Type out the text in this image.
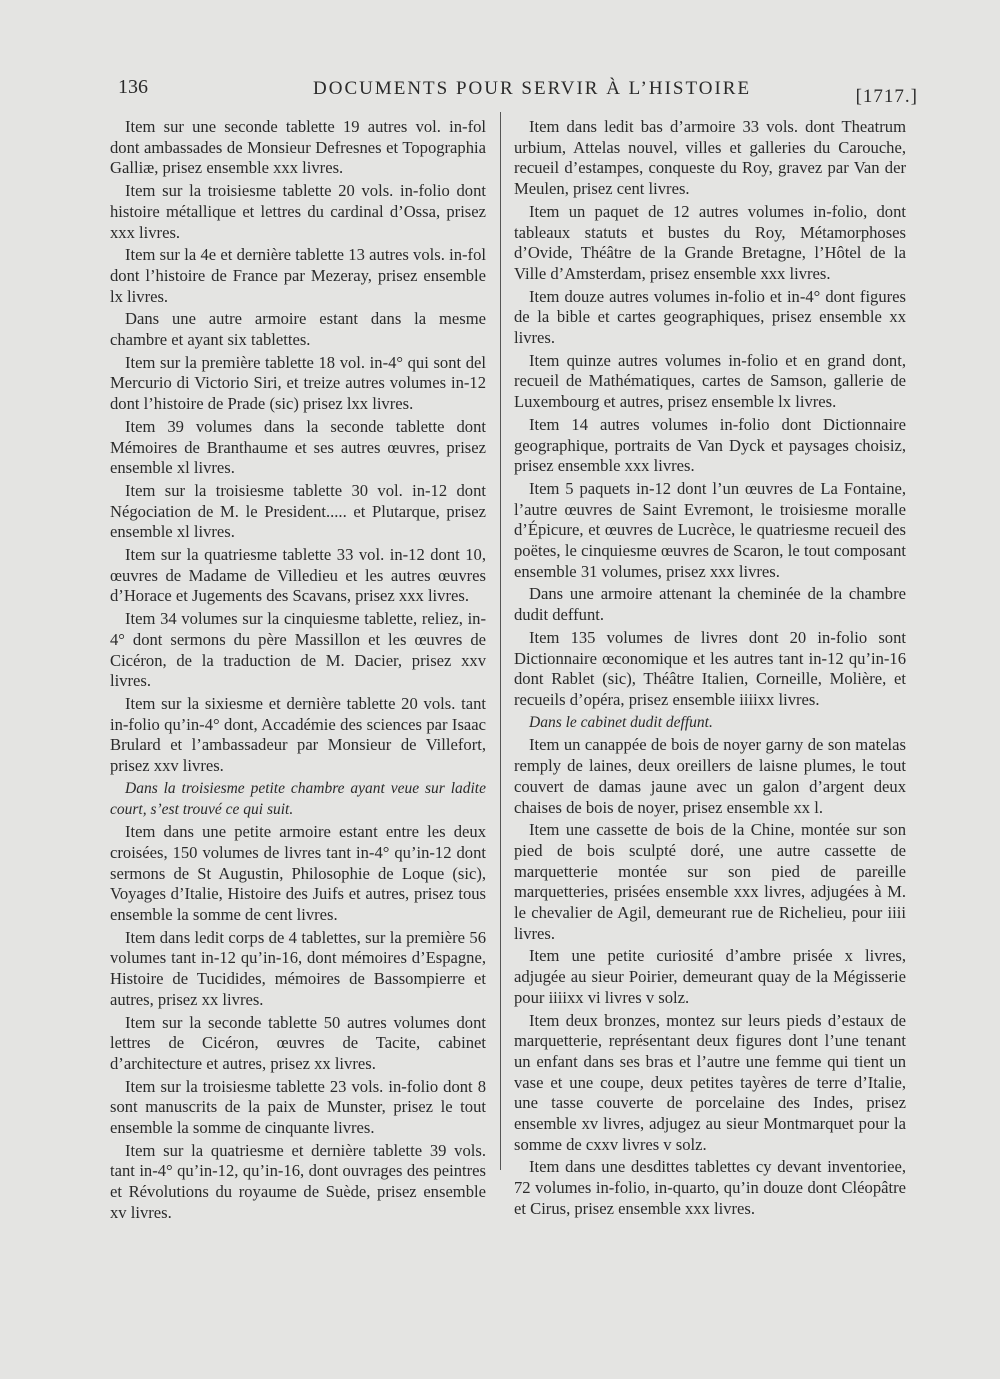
136	DOCUMENTS POUR SERVIR À L’HISTOIRE	[1717.]

Item sur une seconde tablette 19 autres vol. in-fol dont ambassades de Monsieur Defresnes et Topographia Galliæ, prisez ensemble xxx livres.

Item sur la troisiesme tablette 20 vols. in-folio dont histoire métallique et lettres du cardinal d’Ossa, prisez xxx livres.

Item sur la 4e et dernière tablette 13 autres vols. in-fol dont l’histoire de France par Mezeray, prisez ensemble lx livres.

Dans une autre armoire estant dans la mesme chambre et ayant six tablettes.

Item sur la première tablette 18 vol. in-4° qui sont del Mercurio di Victorio Siri, et treize autres volumes in-12 dont l’histoire de Prade (sic) prisez lxx livres.

Item 39 volumes dans la seconde tablette dont Mémoires de Branthaume et ses autres œuvres, prisez ensemble xl livres.

Item sur la troisiesme tablette 30 vol. in-12 dont Négociation de M. le President..... et Plutarque, prisez ensemble xl livres.

Item sur la quatriesme tablette 33 vol. in-12 dont 10, œuvres de Madame de Villedieu et les autres œuvres d’Horace et Jugements des Scavans, prisez xxx livres.

Item 34 volumes sur la cinquiesme tablette, reliez, in-4° dont sermons du père Massillon et les œuvres de Cicéron, de la traduction de M. Dacier, prisez xxv livres.

Item sur la sixiesme et dernière tablette 20 vols. tant in-folio qu’in-4° dont, Accadémie des sciences par Isaac Brulard et l’ambassadeur par Monsieur de Villefort, prisez xxv livres.

Dans la troisiesme petite chambre ayant veue sur ladite court, s’est trouvé ce qui suit.

Item dans une petite armoire estant entre les deux croisées, 150 volumes de livres tant in-4° qu’in-12 dont sermons de St Augustin, Philosophie de Loque (sic), Voyages d’Italie, Histoire des Juifs et autres, prisez tous ensemble la somme de cent livres.

Item dans ledit corps de 4 tablettes, sur la première 56 volumes tant in-12 qu’in-16, dont mémoires d’Espagne, Histoire de Tucidides, mémoires de Bassompierre et autres, prisez xx livres.

Item sur la seconde tablette 50 autres volumes dont lettres de Cicéron, œuvres de Tacite, cabinet d’architecture et autres, prisez xx livres.

Item sur la troisiesme tablette 23 vols. in-folio dont 8 sont manuscrits de la paix de Munster, prisez le tout ensemble la somme de cinquante livres.

Item sur la quatriesme et dernière tablette 39 vols. tant in-4° qu’in-12, qu’in-16, dont ouvrages des peintres et Révolutions du royaume de Suède, prisez ensemble xv livres.

Item dans ledit bas d’armoire 33 vols. dont Theatrum urbium, Attelas nouvel, villes et galleries du Carouche, recueil d’estampes, conqueste du Roy, gravez par Van der Meulen, prisez cent livres.

Item un paquet de 12 autres volumes in-folio, dont tableaux statuts et bustes du Roy, Métamorphoses d’Ovide, Théâtre de la Grande Bretagne, l’Hôtel de la Ville d’Amsterdam, prisez ensemble xxx livres.

Item douze autres volumes in-folio et in-4° dont figures de la bible et cartes geographiques, prisez ensemble xx livres.

Item quinze autres volumes in-folio et en grand dont, recueil de Mathématiques, cartes de Samson, gallerie de Luxembourg et autres, prisez ensemble lx livres.

Item 14 autres volumes in-folio dont Dictionnaire geographique, portraits de Van Dyck et paysages choisiz, prisez ensemble xxx livres.

Item 5 paquets in-12 dont l’un œuvres de La Fontaine, l’autre œuvres de Saint Evremont, le troisiesme moralle d’Épicure, et œuvres de Lucrèce, le quatriesme recueil des poëtes, le cinquiesme œuvres de Scaron, le tout composant ensemble 31 volumes, prisez xxx livres.

Dans une armoire attenant la cheminée de la chambre dudit deffunt.

Item 135 volumes de livres dont 20 in-folio sont Dictionnaire œconomique et les autres tant in-12 qu’in-16 dont Rablet (sic), Théâtre Italien, Corneille, Molière, et recueils d’opéra, prisez ensemble iiiixx livres.

Dans le cabinet dudit deffunt.

Item un canappée de bois de noyer garny de son matelas remply de laines, deux oreillers de laisne plumes, le tout couvert de damas jaune avec un galon d’argent deux chaises de bois de noyer, prisez ensemble xx l.

Item une cassette de bois de la Chine, montée sur son pied de bois sculpté doré, une autre cassette de marquetterie montée sur son pied de pareille marquetteries, prisées ensemble xxx livres, adjugées à M. le chevalier de Agil, demeurant rue de Richelieu, pour iiii livres.

Item une petite curiosité d’ambre prisée x livres, adjugée au sieur Poirier, demeurant quay de la Mégisserie pour iiiixx vi livres v solz.

Item deux bronzes, montez sur leurs pieds d’estaux de marquetterie, représentant deux figures dont l’une tenant un enfant dans ses bras et l’autre une femme qui tient un vase et une coupe, deux petites tayères de terre d’Italie, une tasse couverte de porcelaine des Indes, prisez ensemble xv livres, adjugez au sieur Montmarquet pour la somme de cxxv livres v solz.

Item dans une desdittes tablettes cy devant inventoriee, 72 volumes in-folio, in-quarto, qu’in douze dont Cléopâtre et Cirus, prisez ensemble xxx livres.
